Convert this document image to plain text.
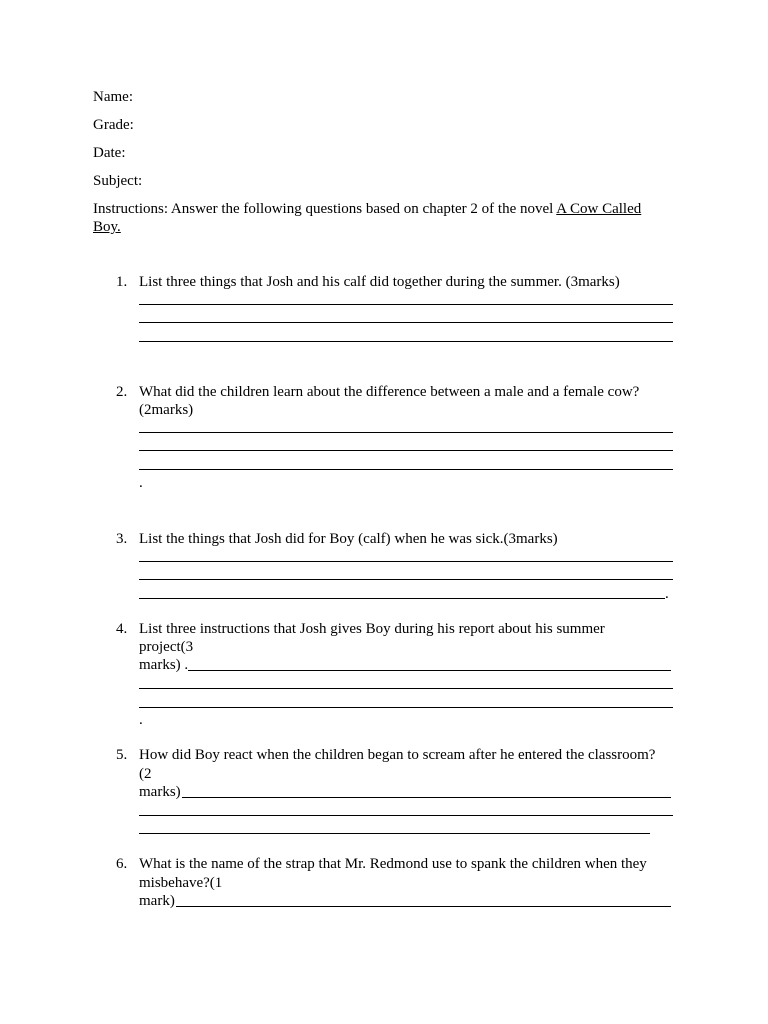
Name:
Grade:
Date:
Subject:
Instructions: Answer the following questions based on chapter 2 of the novel A Cow Called
Boy.
1. List three things that Josh and his calf did together during the summer. (3marks)
2. What did the children learn about the difference between a male and a female cow?
(2marks)
.
3. List the things that Josh did for Boy (calf) when he was sick.(3marks)
.
4. List three instructions that Josh gives Boy during his report about his summer
project(3
marks) .
.
5. How did Boy react when the children began to scream after he entered the classroom?
(2
marks)
6. What is the name of the strap that Mr. Redmond use to spank the children when they
misbehave?(1
mark)
